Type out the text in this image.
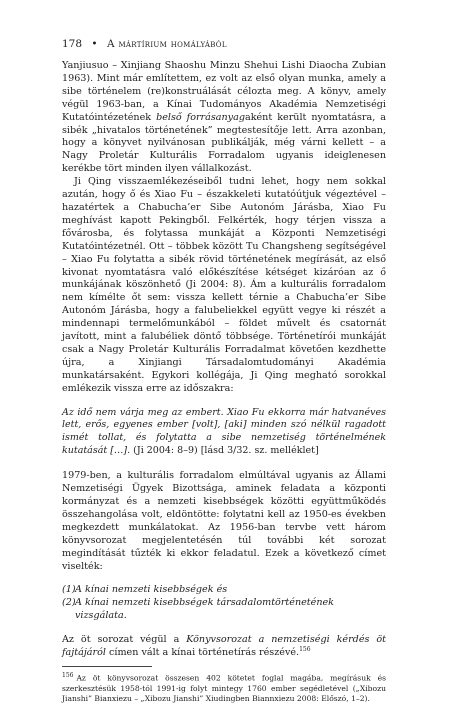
178 • A mártírium homályából

Yanjiusuo – Xinjiang Shaoshu Minzu Shehui Lishi Diaocha Zubian 1963). Mint már említettem, ez volt az első olyan munka, amely a sibe történelem (re)konstruálását célozta meg. A könyv, amely végül 1963-ban, a Kínai Tudományos Akadémia Nemzetiségi Kutatóintézetének belső forrásanyagaként került nyomtatásra, a sibék „hivatalos történetének” megtestesítője lett. Arra azonban, hogy a könyvet nyilvánosan publikálják, még várni kellett – a Nagy Proletár Kulturális Forradalom ugyanis ideiglenesen kerékbe tört minden ilyen vállalkozást.

Ji Qing visszaemlékezéseiből tudni lehet, hogy nem sokkal azután, hogy ő és Xiao Fu – északkeleti kutatóútjuk végeztével – hazatértek a Chabucha’er Sibe Autonóm Járásba, Xiao Fu meghívást kapott Pekingből. Felkérték, hogy térjen vissza a fővárosba, és folytassa munkáját a Központi Nemzetiségi Kutatóintézetnél. Ott – többek között Tu Changsheng segítségével – Xiao Fu folytatta a sibék rövid történetének megírását, az első kivonat nyomtatásra való előkészítése kétséget kizáróan az ő munkájának köszönhető (Ji 2004: 8). Ám a kulturális forradalom nem kímélte őt sem: vissza kellett térnie a Chabucha’er Sibe Autonóm Járásba, hogy a falubeliekkel együtt vegye ki részét a mindennapi termelőmunkából – földet művelt és csatornát javított, mint a falubéliek döntő többsége. Történetírói munkáját csak a Nagy Proletár Kulturális Forradalmat követően kezdhette újra, a Xinjiangi Társadalomtudományi Akadémia munkatársaként. Egykori kollégája, Ji Qing megható sorokkal emlékezik vissza erre az időszakra:

Az idő nem várja meg az embert. Xiao Fu ekkorra már hatvanéves lett, erős, egyenes ember [volt], [aki] minden szó nélkül ragadott ismét tollat, és folytatta a sibe nemzetiség történelmének kutatását […]. (Ji 2004: 8–9) [lásd 3/32. sz. melléklet]

1979-ben, a kulturális forradalom elmúltával ugyanis az Állami Nemzetiségi Ügyek Bizottsága, aminek feladata a központi kormányzat és a nemzeti kisebbségek közötti együttműködés összehangolása volt, eldöntötte: folytatni kell az 1950-es években megkezdett munkálatokat. Az 1956-ban tervbe vett három könyvsorozat megjelentetésén túl további két sorozat megindítását tűzték ki ekkor feladatul. Ezek a következő címet viselték:

(1) A kínai nemzeti kisebbségek és
(2) A kínai nemzeti kisebbségek társadalomtörténetének vizsgálata.

Az öt sorozat végül a Könyvsorozat a nemzetiségi kérdés öt fajtájáról címen vált a kínai történetírás részévé.$^{156}$

$^{156}$ Az öt könyvsorozat összesen 402 kötetet foglal magába, megírásuk és szerkesztésük 1958-tól 1991-ig folyt mintegy 1760 ember segédletével („Xibozu Jianshi” Bianxiezu – „Xibozu Jianshi” Xiudingben Biannxiezu 2008: Előszó, 1–2).
